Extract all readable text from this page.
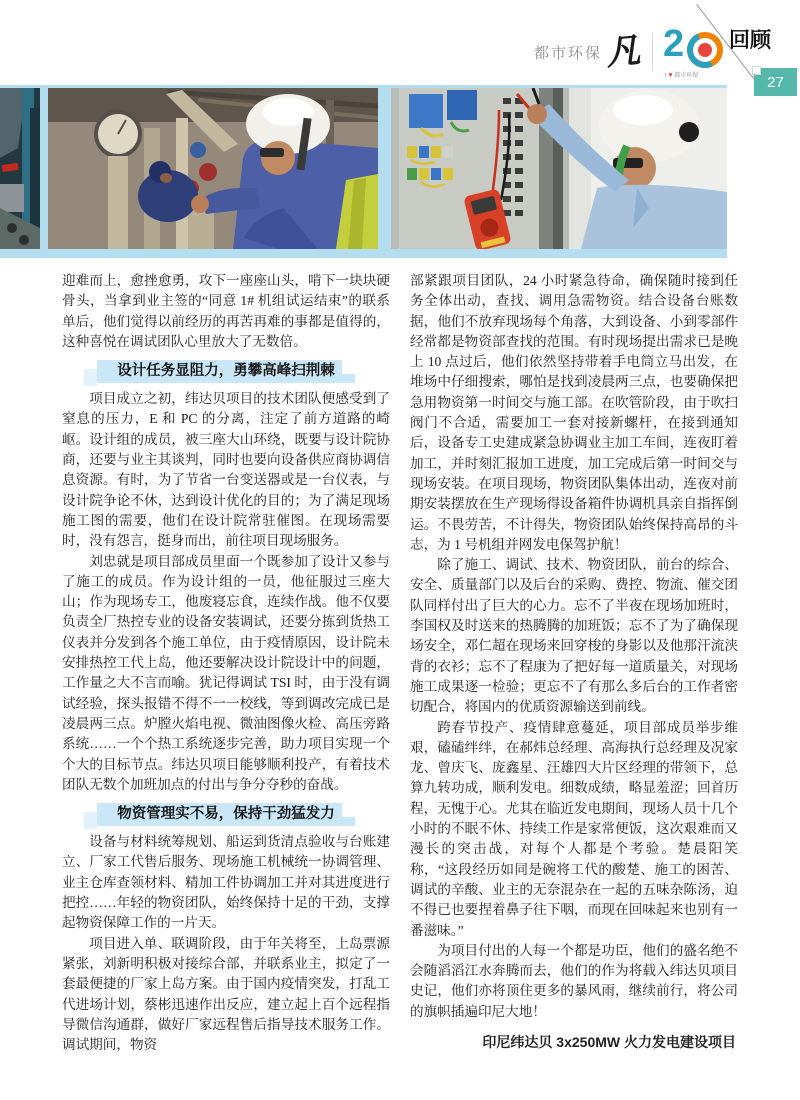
都市环保 凡 2
I ♥ 都市环保
回顾
27

迎难而上，愈挫愈勇，攻下一座座山头，啃下一块块硬骨头，当拿到业主签的“同意 1# 机组试运结束”的联系单后，他们觉得以前经历的再苦再难的事都是值得的，这种喜悦在调试团队心里放大了无数倍。

设计任务显阻力，勇攀高峰扫荆棘

项目成立之初，纬达贝项目的技术团队便感受到了窒息的压力，E 和 PC 的分离，注定了前方道路的崎岖。设计组的成员，被三座大山环绕，既要与设计院协商，还要与业主其谈判，同时也要向设备供应商协调信息资源。有时，为了节省一台变送器或是一台仪表，与设计院争论不休，达到设计优化的目的；为了满足现场施工图的需要，他们在设计院常驻催图。在现场需要时，没有怨言，挺身而出，前往项目现场服务。

刘忠就是项目部成员里面一个既参加了设计又参与了施工的成员。作为设计组的一员，他征服过三座大山；作为现场专工，他废寝忘食，连续作战。他不仅要负责全厂热控专业的设备安装调试，还要分拣到货热工仪表并分发到各个施工单位，由于疫情原因，设计院未安排热控工代上岛，他还要解决设计院设计中的问题，工作量之大不言而喻。犹记得调试 TSI 时，由于没有调试经验，探头报错不得不一一校线，等到调改完成已是凌晨两三点。炉膛火焰电视、微油图像火检、高压旁路系统……一个个热工系统逐步完善，助力项目实现一个个大的目标节点。纬达贝项目能够顺利投产，有着技术团队无数个加班加点的付出与争分夺秒的奋战。

物资管理实不易，保持干劲猛发力

设备与材料统筹规划、船运到货清点验收与台账建立、厂家工代售后服务、现场施工机械统一协调管理、业主仓库查领材料、精加工件协调加工并对其进度进行把控……年轻的物资团队，始终保持十足的干劲，支撑起物资保障工作的一片天。

项目进入单、联调阶段，由于年关将至，上岛票源紧张，刘新明积极对接综合部，并联系业主，拟定了一套最便捷的厂家上岛方案。由于国内疫情突发，打乱工代进场计划，蔡彬迅速作出反应，建立起上百个远程指导微信沟通群，做好厂家远程售后指导技术服务工作。调试期间，物资

部紧跟项目团队，24 小时紧急待命，确保随时接到任务全体出动，查找、调用急需物资。结合设备台账数据，他们不放弃现场每个角落，大到设备、小到零部件经常都是物资部查找的范围。有时现场提出需求已是晚上 10 点过后，他们依然坚持带着手电筒立马出发，在堆场中仔细搜索，哪怕是找到凌晨两三点，也要确保把急用物资第一时间交与施工部。在吹管阶段，由于吹扫阀门不合适，需要加工一套对接新螺杆，在接到通知后，设备专工史建成紧急协调业主加工车间，连夜盯着加工，并时刻汇报加工进度，加工完成后第一时间交与现场安装。在项目现场，物资团队集体出动，连夜对前期安装摆放在生产现场得设备箱件协调机具亲自指挥倒运。不畏劳苦，不计得失，物资团队始终保持高昂的斗志，为 1 号机组并网发电保驾护航！

除了施工、调试、技术、物资团队，前台的综合、安全、质量部门以及后台的采购、费控、物流、催交团队同样付出了巨大的心力。忘不了半夜在现场加班时，李国权及时送来的热腾腾的加班饭；忘不了为了确保现场安全，邓仁超在现场来回穿梭的身影以及他那汗流浃背的衣衫；忘不了程康为了把好每一道质量关，对现场施工成果逐一检验；更忘不了有那么多后台的工作者密切配合，将国内的优质资源输送到前线。

跨春节投产、疫情肆意蔓延，项目部成员举步维艰，磕磕绊绊，在郝炜总经理、高海执行总经理及况家龙、曾庆飞、庞鑫星、汪雄四大片区经理的带领下，总算九转功成，顺利发电。细数成绩，略显羞涩；回首历程，无愧于心。尤其在临近发电期间，现场人员十几个小时的不眠不休、持续工作是家常便饭，这次艰难而又漫长的突击战，对每个人都是个考验。楚晨阳笑称，“这段经历如同是碗将工代的酸楚、施工的困苦、调试的辛酸、业主的无奈混杂在一起的五味杂陈汤，迫不得已也要捏着鼻子往下咽，而现在回味起来也别有一番滋味。”

为项目付出的人每一个都是功臣，他们的盛名绝不会随滔滔江水奔腾而去，他们的作为将载入纬达贝项目史记，他们亦将顶住更多的暴风雨，继续前行，将公司的旗帜插遍印尼大地！

印尼纬达贝 3x250MW 火力发电建设项目
